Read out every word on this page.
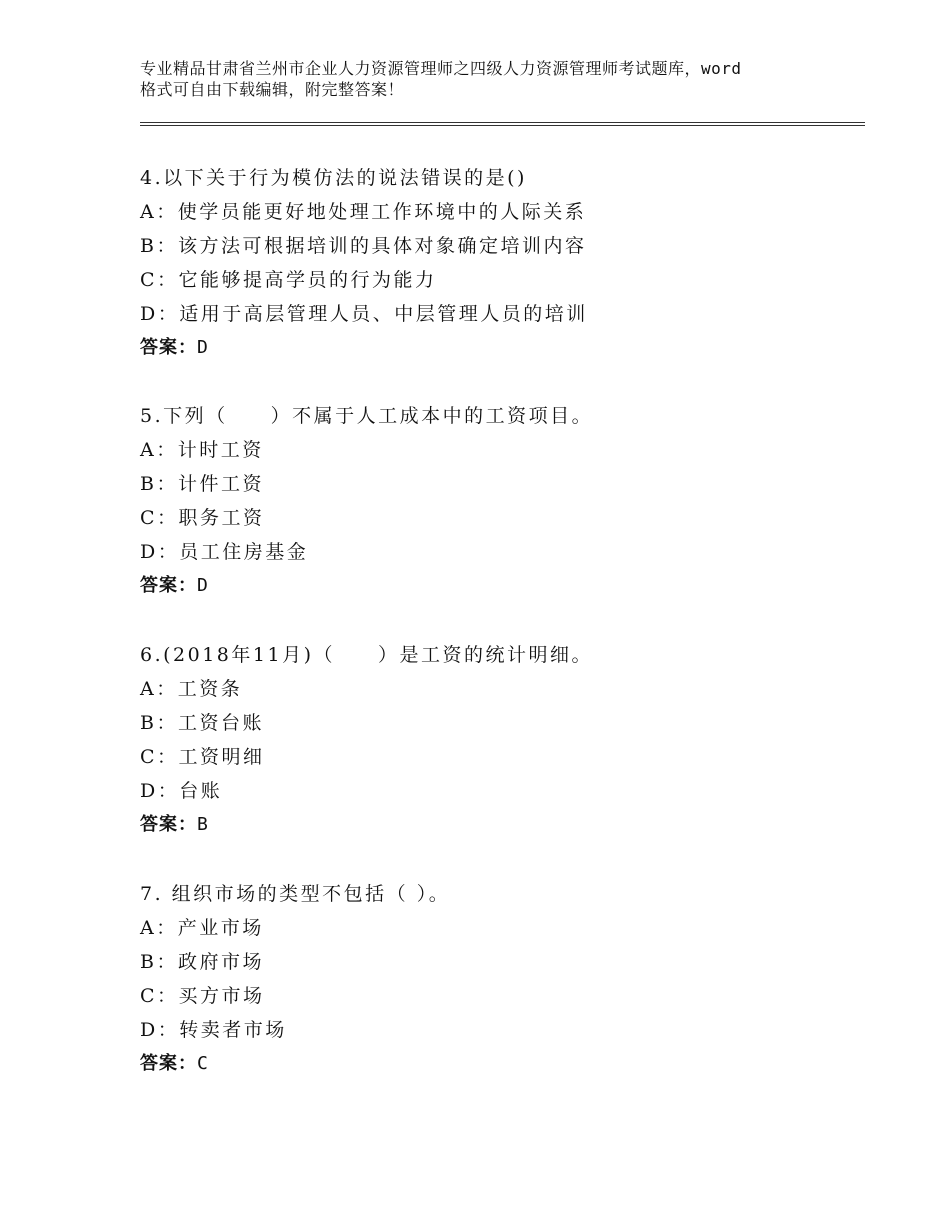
专业精品甘肃省兰州市企业人力资源管理师之四级人力资源管理师考试题库，word
格式可自由下载编辑，附完整答案！
4.以下关于行为模仿法的说法错误的是()
A：使学员能更好地处理工作环境中的人际关系
B：该方法可根据培训的具体对象确定培训内容
C：它能够提高学员的行为能力
D：适用于高层管理人员、中层管理人员的培训
答案：D
5.下列（　　）不属于人工成本中的工资项目。
A：计时工资
B：计件工资
C：职务工资
D：员工住房基金
答案：D
6.(2018年11月)（　　）是工资的统计明细。
A：工资条
B：工资台账
C：工资明细
D：台账
答案：B
7. 组织市场的类型不包括（ ）。
A：产业市场
B：政府市场
C：买方市场
D：转卖者市场
答案：C
